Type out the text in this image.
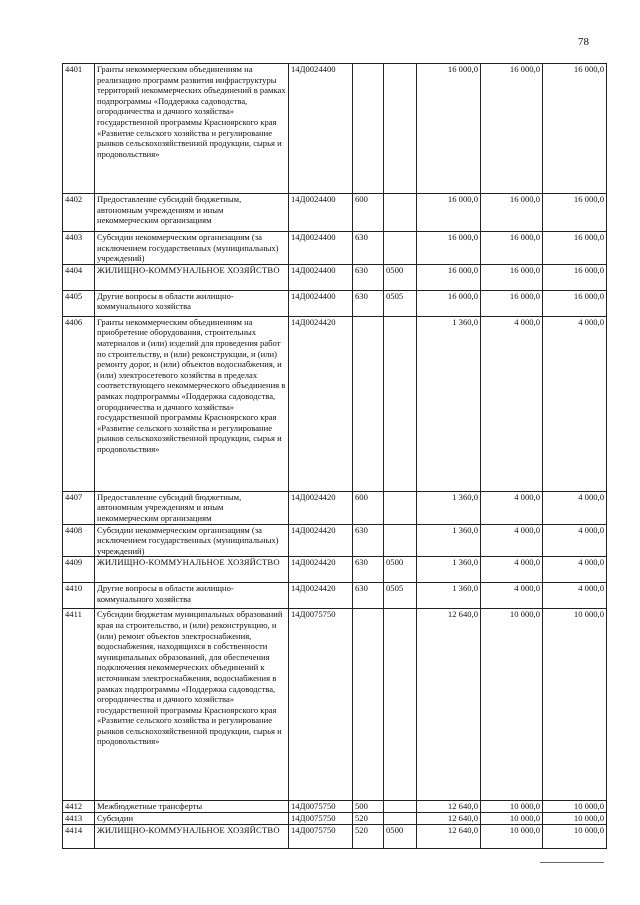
78
4401	Гранты некоммерческим объединениям на реализацию программ развития инфраструктуры территорий некоммерческих объединений в рамках подпрограммы «Поддержка садоводства, огородничества и дачного хозяйства» государственной программы Красноярского края «Развитие сельского хозяйства и регулирование рынков сельскохозяйственной продукции, сырья и продовольствия»	14Д0024400			16 000,0	16 000,0	16 000,0
4402	Предоставление субсидий бюджетным, автономным учреждениям и иным некоммерческим организациям	14Д0024400	600		16 000,0	16 000,0	16 000,0
4403	Субсидии некоммерческим организациям (за исключением государственных (муниципальных) учреждений)	14Д0024400	630		16 000,0	16 000,0	16 000,0
4404	ЖИЛИЩНО-КОММУНАЛЬНОЕ ХОЗЯЙСТВО	14Д0024400	630	0500	16 000,0	16 000,0	16 000,0
4405	Другие вопросы в области жилищно-коммунального хозяйства	14Д0024400	630	0505	16 000,0	16 000,0	16 000,0
4406	Гранты некоммерческим объединениям на приобретение оборудования, строительных материалов и (или) изделий для проведения работ по строительству, и (или) реконструкции, и (или) ремонту дорог, и (или) объектов водоснабжения, и (или) электросетевого хозяйства в пределах соответствующего некоммерческого объединения в рамках подпрограммы «Поддержка садоводства, огородничества и дачного хозяйства» государственной программы Красноярского края «Развитие сельского хозяйства и регулирование рынков сельскохозяйственной продукции, сырья и продовольствия»	14Д0024420			1 360,0	4 000,0	4 000,0
4407	Предоставление субсидий бюджетным, автономным учреждениям и иным некоммерческим организациям	14Д0024420	600		1 360,0	4 000,0	4 000,0
4408	Субсидии некоммерческим организациям (за исключением государственных (муниципальных) учреждений)	14Д0024420	630		1 360,0	4 000,0	4 000,0
4409	ЖИЛИЩНО-КОММУНАЛЬНОЕ ХОЗЯЙСТВО	14Д0024420	630	0500	1 360,0	4 000,0	4 000,0
4410	Другие вопросы в области жилищно-коммунального хозяйства	14Д0024420	630	0505	1 360,0	4 000,0	4 000,0
4411	Субсидии бюджетам муниципальных образований края на строительство, и (или) реконструкцию, и (или) ремонт объектов электроснабжения, водоснабжения, находящихся в собственности муниципальных образований, для обеспечения подключения некоммерческих объединений к источникам электроснабжения, водоснабжения в рамках подпрограммы «Поддержка садоводства, огородничества и дачного хозяйства» государственной программы Красноярского края «Развитие сельского хозяйства и регулирование рынков сельскохозяйственной продукции, сырья и продовольствия»	14Д0075750			12 640,0	10 000,0	10 000,0
4412	Межбюджетные трансферты	14Д0075750	500		12 640,0	10 000,0	10 000,0
4413	Субсидии	14Д0075750	520		12 640,0	10 000,0	10 000,0
4414	ЖИЛИЩНО-КОММУНАЛЬНОЕ ХОЗЯЙСТВО	14Д0075750	520	0500	12 640,0	10 000,0	10 000,0
